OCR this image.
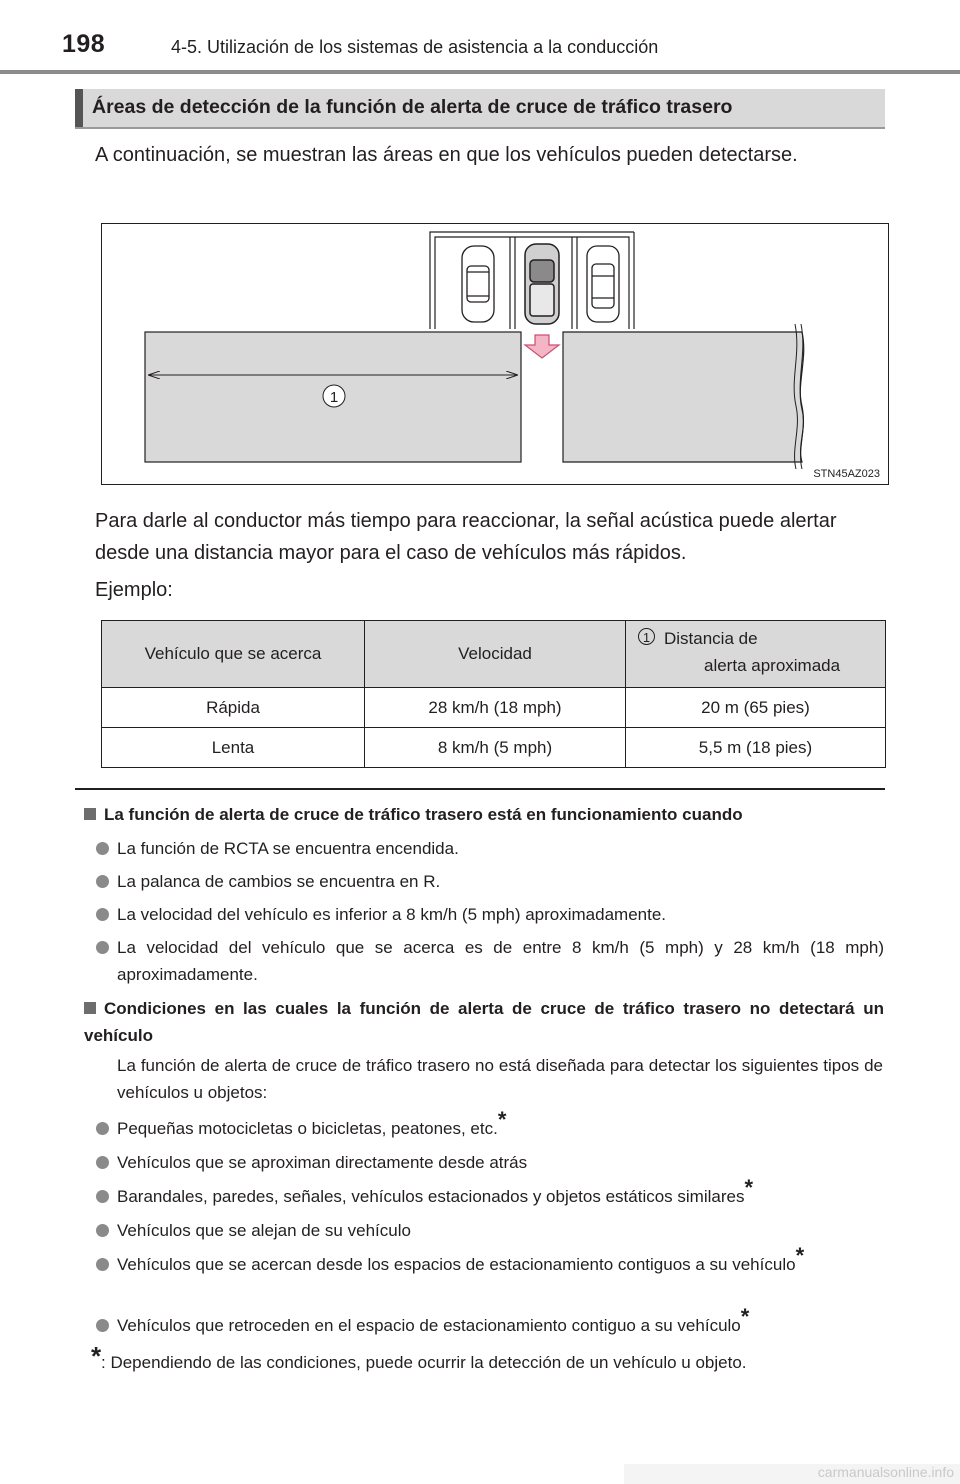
198	4-5. Utilización de los sistemas de asistencia a la conducción
Áreas de detección de la función de alerta de cruce de tráfico trasero
A continuación, se muestran las áreas en que los vehículos pueden detectarse.
1
STN45AZ023
Para darle al conductor más tiempo para reaccionar, la señal acústica puede alertar desde una distancia mayor para el caso de vehículos más rápidos.
Ejemplo:
Vehículo que se acerca	Velocidad	1 Distancia de
alerta aproximada

Rápida	28 km/h (18 mph)	20 m (65 pies)
Lenta	8 km/h (5 mph)	5,5 m (18 pies)
La función de alerta de cruce de tráfico trasero está en funcionamiento cuando
La función de RCTA se encuentra encendida.
La palanca de cambios se encuentra en R.
La velocidad del vehículo es inferior a 8 km/h (5 mph) aproximadamente.
La velocidad del vehículo que se acerca es de entre 8 km/h (5 mph) y 28 km/h (18 mph) aproximadamente.
Condiciones en las cuales la función de alerta de cruce de tráfico trasero no detectará un vehículo
La función de alerta de cruce de tráfico trasero no está diseñada para detectar los siguientes tipos de vehículos u objetos:
Pequeñas motocicletas o bicicletas, peatones, etc.*
Vehículos que se aproximan directamente desde atrás
Barandales, paredes, señales, vehículos estacionados y objetos estáticos similares*
Vehículos que se alejan de su vehículo
Vehículos que se acercan desde los espacios de estacionamiento contiguos a su vehículo*
Vehículos que retroceden en el espacio de estacionamiento contiguo a su vehículo*
* : Dependiendo de las condiciones, puede ocurrir la detección de un vehículo u objeto.
carmanualsonline.info
